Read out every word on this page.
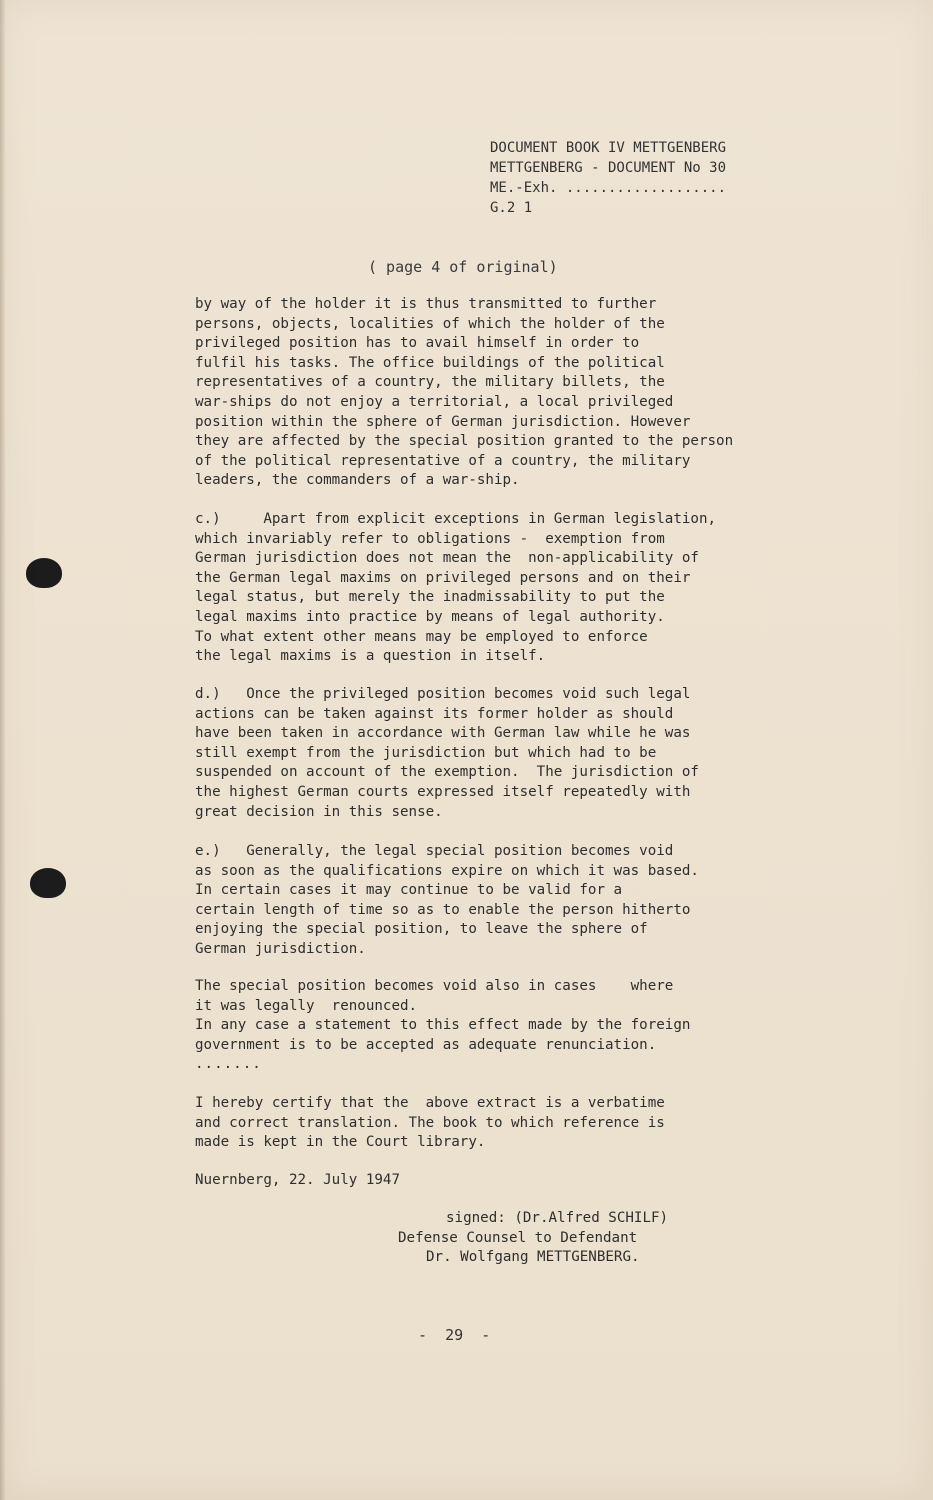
DOCUMENT BOOK IV METTGENBERG
METTGENBERG - DOCUMENT No 30
ME.-Exh. ...................
G.2 1
( page 4 of original)

by way of the holder it is thus transmitted to further
persons, objects, localities of which the holder of the
privileged position has to avail himself in order to
fulfil his tasks. The office buildings of the political
representatives of a country, the military billets, the
war-ships do not enjoy a territorial, a local privileged
position within the sphere of German jurisdiction. However
they are affected by the special position granted to the person
of the political representative of a country, the military
leaders, the commanders of a war-ship.

c.)     Apart from explicit exceptions in German legislation,
which invariably refer to obligations -  exemption from
German jurisdiction does not mean the  non-applicability of
the German legal maxims on privileged persons and on their
legal status, but merely the inadmissability to put the
legal maxims into practice by means of legal authority.
To what extent other means may be employed to enforce
the legal maxims is a question in itself.

d.)   Once the privileged position becomes void such legal
actions can be taken against its former holder as should
have been taken in accordance with German law while he was
still exempt from the jurisdiction but which had to be
suspended on account of the exemption.  The jurisdiction of
the highest German courts expressed itself repeatedly with
great decision in this sense.

e.)   Generally, the legal special position becomes void
as soon as the qualifications expire on which it was based.
In certain cases it may continue to be valid for a
certain length of time so as to enable the person hitherto
enjoying the special position, to leave the sphere of
German jurisdiction.

The special position becomes void also in cases    where
it was legally  renounced.
In any case a statement to this effect made by the foreign
government is to be accepted as adequate renunciation.

.......

I hereby certify that the  above extract is a verbatime
and correct translation. The book to which reference is
made is kept in the Court library.

Nuernberg, 22. July 1947

signed: (Dr.Alfred SCHILF)
Defense Counsel to Defendant
Dr. Wolfgang METTGENBERG.
-  29  -
